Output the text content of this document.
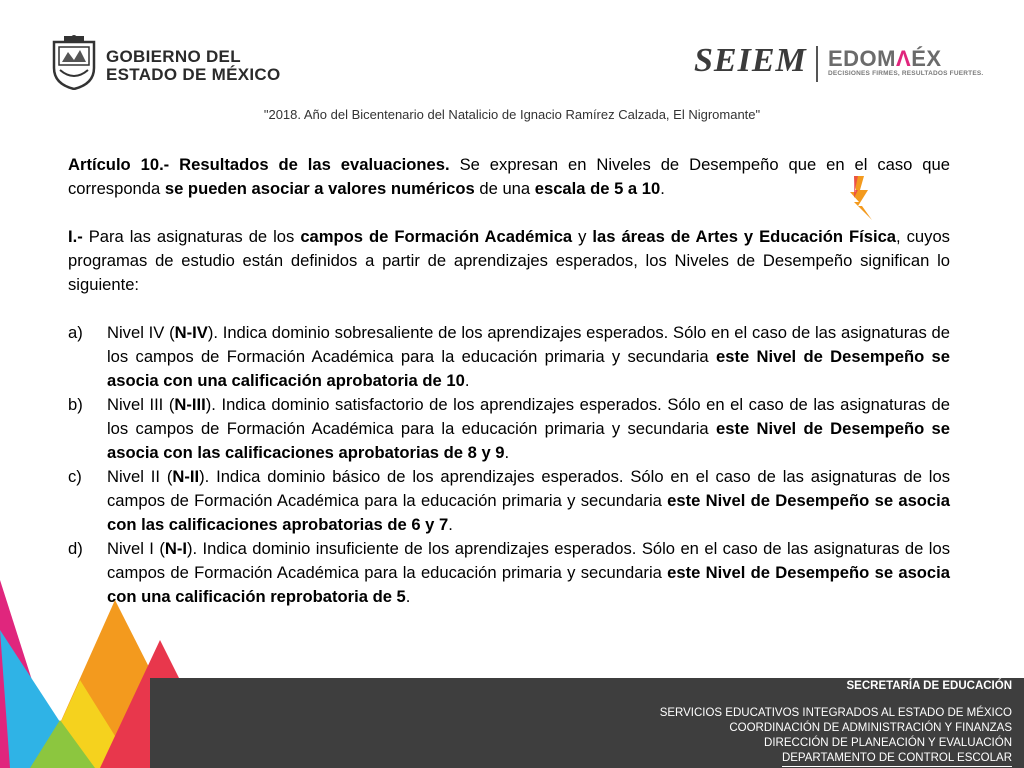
GOBIERNO DEL
ESTADO DE MÉXICO	SEIEM EDOMΛÉX
DECISIONES FIRMES, RESULTADOS FUERTES.
"2018. Año del Bicentenario del Natalicio de Ignacio Ramírez Calzada, El Nigromante"

Artículo 10.- Resultados de las evaluaciones. Se expresan en Niveles de Desempeño que en el caso que corresponda se pueden asociar a valores numéricos de una escala de 5 a 10.

I.- Para las asignaturas de los campos de Formación Académica y las áreas de Artes y Educación Física, cuyos programas de estudio están definidos a partir de aprendizajes esperados, los Niveles de Desempeño significan lo siguiente:

a) Nivel IV (N-IV). Indica dominio sobresaliente de los aprendizajes esperados. Sólo en el caso de las asignaturas de los campos de Formación Académica para la educación primaria y secundaria este Nivel de Desempeño se asocia con una calificación aprobatoria de 10.
b) Nivel III (N-III). Indica dominio satisfactorio de los aprendizajes esperados. Sólo en el caso de las asignaturas de los campos de Formación Académica para la educación primaria y secundaria este Nivel de Desempeño se asocia con las calificaciones aprobatorias de 8 y 9.
c) Nivel II (N-II). Indica dominio básico de los aprendizajes esperados. Sólo en el caso de las asignaturas de los campos de Formación Académica para la educación primaria y secundaria este Nivel de Desempeño se asocia con las calificaciones aprobatorias de 6 y 7.
d) Nivel I (N-I). Indica dominio insuficiente de los aprendizajes esperados. Sólo en el caso de las asignaturas de los campos de Formación Académica para la educación primaria y secundaria este Nivel de Desempeño se asocia con una calificación reprobatoria de 5.
SECRETARÍA DE EDUCACIÓN
SERVICIOS EDUCATIVOS INTEGRADOS AL ESTADO DE MÉXICO
COORDINACIÓN DE ADMINISTRACIÓN Y FINANZAS
DIRECCIÓN DE PLANEACIÓN Y EVALUACIÓN
DEPARTAMENTO DE CONTROL ESCOLAR
